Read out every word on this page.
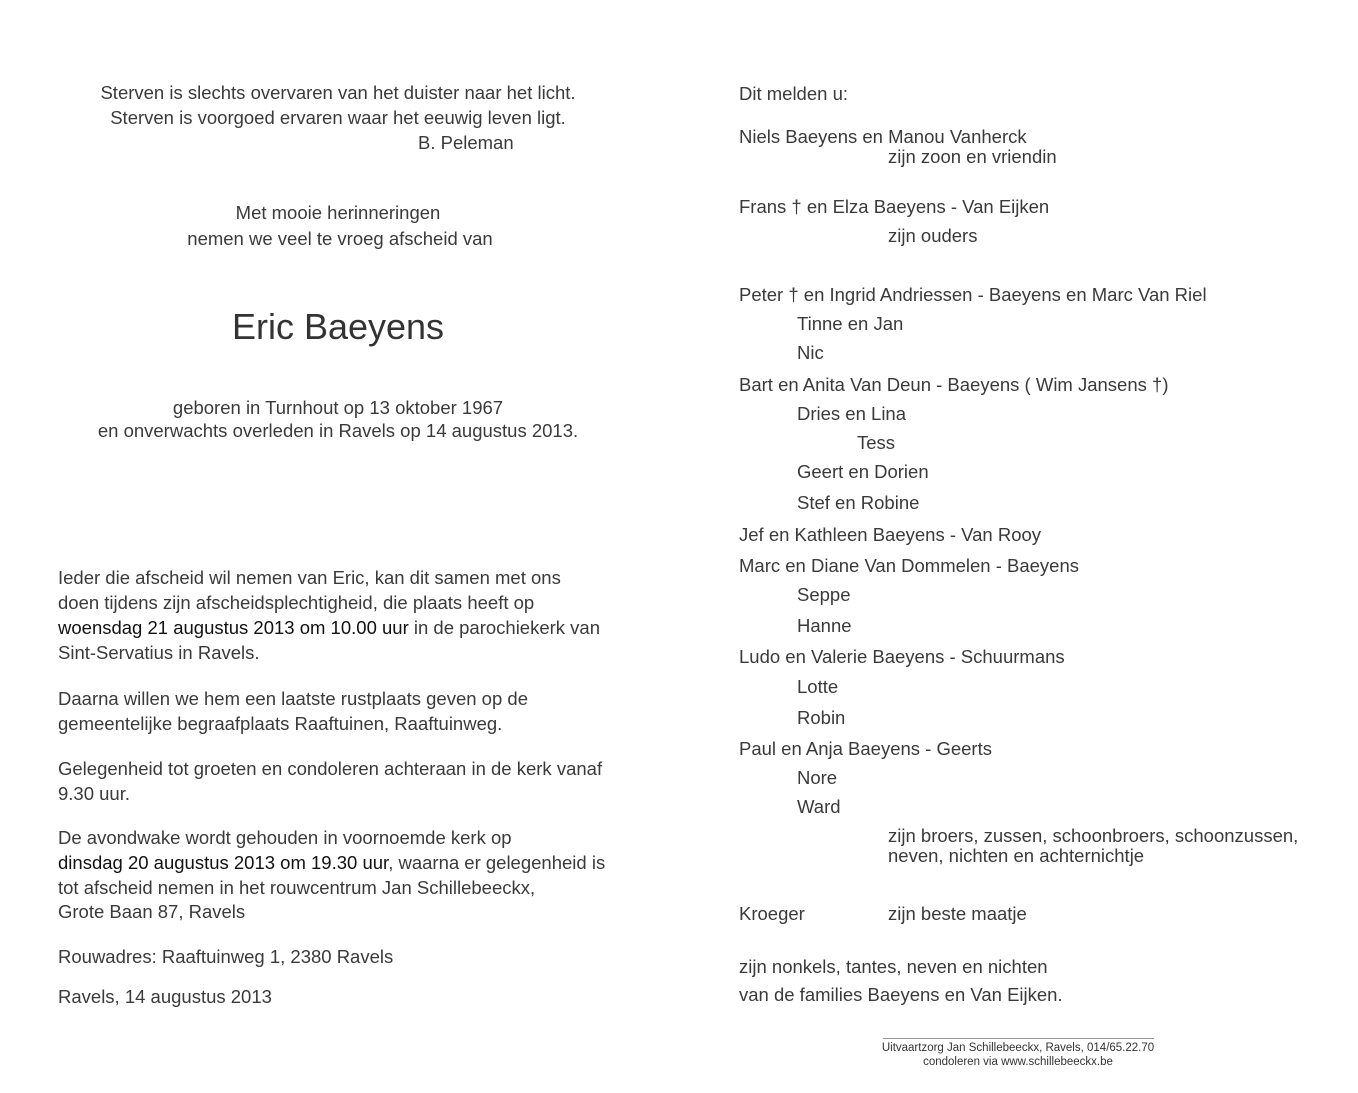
Sterven is slechts overvaren van het duister naar het licht.
Sterven is voorgoed ervaren waar het eeuwig leven ligt.
B. Peleman
Met mooie herinneringen
nemen we veel te vroeg afscheid van
Eric Baeyens
geboren in Turnhout op 13 oktober 1967
en onverwachts overleden in Ravels op 14 augustus 2013.
Ieder die afscheid wil nemen van Eric, kan dit samen met ons
doen tijdens zijn afscheidsplechtigheid, die plaats heeft op
woensdag 21 augustus 2013 om 10.00 uur in de parochiekerk van
Sint-Servatius in Ravels.
Daarna willen we hem een laatste rustplaats geven op de
gemeentelijke begraafplaats Raaftuinen, Raaftuinweg.
Gelegenheid tot groeten en condoleren achteraan in de kerk vanaf
9.30 uur.
De avondwake wordt gehouden in voornoemde kerk op
dinsdag 20 augustus 2013 om 19.30 uur, waarna er gelegenheid is
tot afscheid nemen in het rouwcentrum Jan Schillebeeckx,
Grote Baan 87, Ravels
Rouwadres: Raaftuinweg 1, 2380 Ravels
Ravels, 14 augustus 2013
Dit melden u:
Niels Baeyens en Manou Vanherck
zijn zoon en vriendin
Frans † en Elza Baeyens - Van Eijken
zijn ouders
Peter † en Ingrid Andriessen - Baeyens en Marc Van Riel
Tinne en Jan
Nic
Bart en Anita Van Deun - Baeyens ( Wim Jansens †)
Dries en Lina
Tess
Geert en Dorien
Stef en Robine
Jef en Kathleen Baeyens - Van Rooy
Marc en Diane Van Dommelen - Baeyens
Seppe
Hanne
Ludo en Valerie Baeyens - Schuurmans
Lotte
Robin
Paul en Anja Baeyens - Geerts
Nore
Ward
zijn broers, zussen, schoonbroers, schoonzussen,
neven, nichten en achternichtje
Kroeger	zijn beste maatje
zijn nonkels, tantes, neven en nichten
van de families Baeyens en Van Eijken.
Uitvaartzorg Jan Schillebeeckx, Ravels, 014/65.22.70
condoleren via www.schillebeeckx.be
